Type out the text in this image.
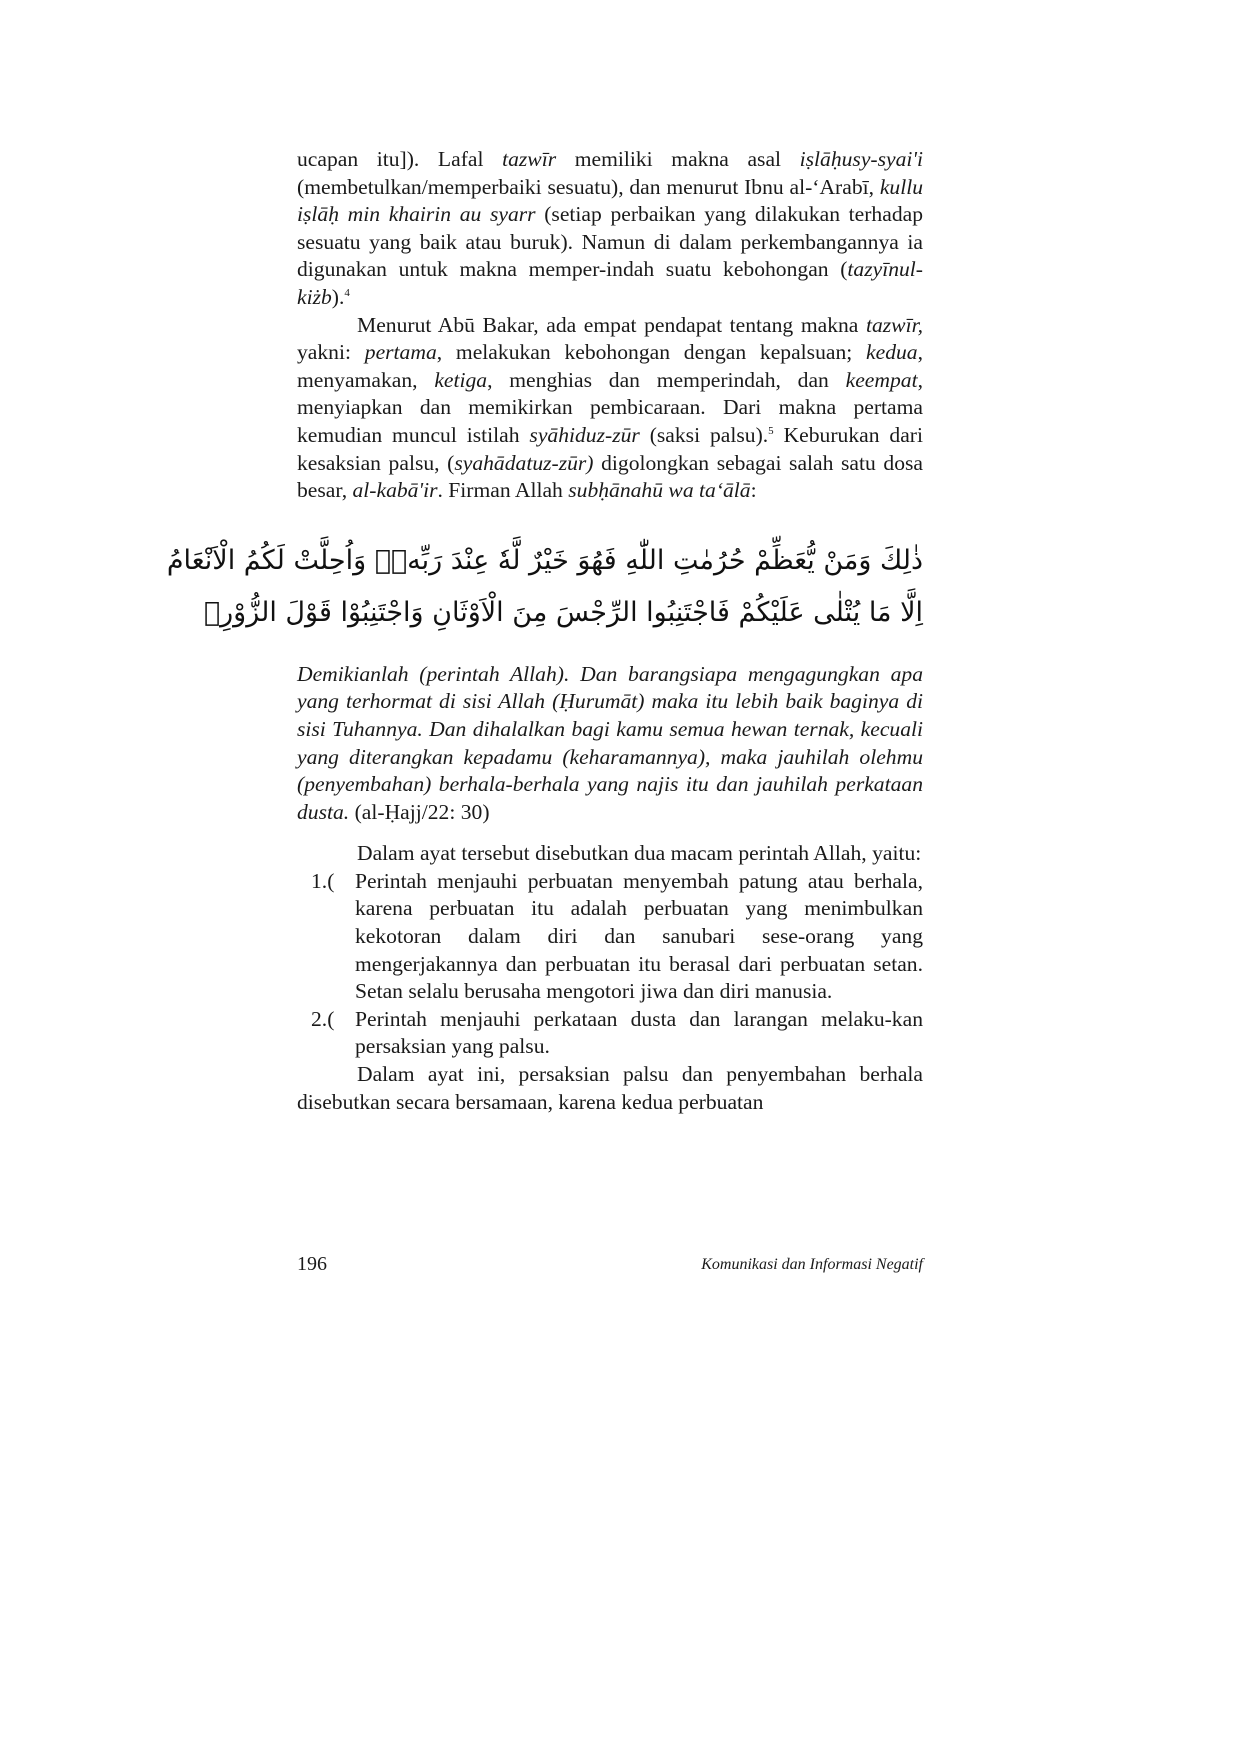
ucapan itu]). Lafal tazwīr memiliki makna asal iṣlāḥusy-syai'i (membetulkan/memperbaiki sesuatu), dan menurut Ibnu al-‘Arabī, kullu iṣlāḥ min khairin au syarr (setiap perbaikan yang dilakukan terhadap sesuatu yang baik atau buruk). Namun di dalam perkembangannya ia digunakan untuk makna memper-indah suatu kebohongan (tazyīnul-kiżb).$^4$

Menurut Abū Bakar, ada empat pendapat tentang makna tazwīr, yakni: pertama, melakukan kebohongan dengan kepalsuan; kedua, menyamakan, ketiga, menghias dan memperindah, dan keempat, menyiapkan dan memikirkan pembicaraan. Dari makna pertama kemudian muncul istilah syāhiduz-zūr (saksi palsu).$^5$ Keburukan dari kesaksian palsu, (syahādatuz-zūr) digolongkan sebagai salah satu dosa besar, al-kabā'ir. Firman Allah subḥānahū wa ta‘ālā:

ذٰلِكَ وَمَنْ يُّعَظِّمْ حُرُمٰتِ اللّٰهِ فَهُوَ خَيْرٌ لَّهٗ عِنْدَ رَبِّهٖۗ وَاُحِلَّتْ لَكُمُ الْاَنْعَامُ
اِلَّا مَا يُتْلٰى عَلَيْكُمْ فَاجْتَنِبُوا الرِّجْسَ مِنَ الْاَوْثَانِ وَاجْتَنِبُوْا قَوْلَ الزُّوْرِۙ

Demikianlah (perintah Allah). Dan barangsiapa mengagungkan apa yang terhormat di sisi Allah (Ḥurumāt) maka itu lebih baik baginya di sisi Tuhannya. Dan dihalalkan bagi kamu semua hewan ternak, kecuali yang diterangkan kepadamu (keharamannya), maka jauhilah olehmu (penyembahan) berhala-berhala yang najis itu dan jauhilah perkataan dusta. (al-Ḥajj/22: 30)

Dalam ayat tersebut disebutkan dua macam perintah Allah, yaitu:

1.( Perintah menjauhi perbuatan menyembah patung atau berhala, karena perbuatan itu adalah perbuatan yang menimbulkan kekotoran dalam diri dan sanubari sese-orang yang mengerjakannya dan perbuatan itu berasal dari perbuatan setan. Setan selalu berusaha mengotori jiwa dan diri manusia.
2.( Perintah menjauhi perkataan dusta dan larangan melaku-kan persaksian yang palsu.

Dalam ayat ini, persaksian palsu dan penyembahan berhala disebutkan secara bersamaan, karena kedua perbuatan

196	Komunikasi dan Informasi Negatif
